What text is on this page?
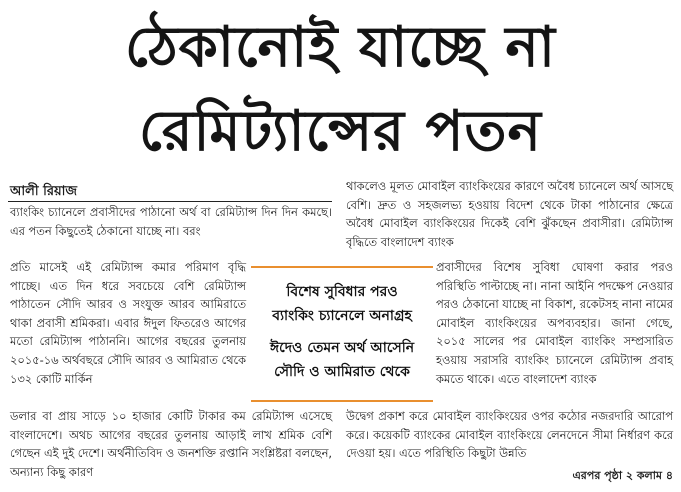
ঠেকানোই যাচ্ছে না
রেমিট্যান্সের পতন
আলী রিয়াজ

ব্যাংকিং চ্যানেলে প্রবাসীদের পাঠানো অর্থ বা রেমিট্যান্স দিন দিন কমছে। এর পতন কিছুতেই ঠেকানো যাচ্ছে না। বরং

প্রতি মাসেই এই রেমিট্যান্স কমার পরিমাণ বৃদ্ধি পাচ্ছে। এত দিন ধরে সবচেয়ে বেশি রেমিট্যান্স পাঠাতেন সৌদি আরব ও সংযুক্ত আরব আমিরাতে থাকা প্রবাসী শ্রমিকরা। এবার ঈদুল ফিতরেও আগের মতো রেমিট্যান্স পাঠাননি। আগের বছরের তুলনায় ২০১৫-১৬ অর্থবছরে সৌদি আরব ও আমিরাত থেকে ১৩২ কোটি মার্কিন

ডলার বা প্রায় সাড়ে ১০ হাজার কোটি টাকার কম রেমিট্যান্স এসেছে বাংলাদেশে। অথচ আগের বছরের তুলনায় আড়াই লাখ শ্রমিক বেশি গেছেন এই দুই দেশে। অর্থনীতিবিদ ও জনশক্তি রপ্তানি সংশ্লিষ্টরা বলছেন, অন্যান্য কিছু কারণ

থাকলেও মূলত মোবাইল ব্যাংকিংয়ের কারণে অবৈধ চ্যানেলে অর্থ আসছে বেশি। দ্রুত ও সহজলভ্য হওয়ায় বিদেশ থেকে টাকা পাঠানোর ক্ষেত্রে অবৈধ মোবাইল ব্যাংকিংয়ের দিকেই বেশি ঝুঁকছেন প্রবাসীরা। রেমিট্যান্স বৃদ্ধিতে বাংলাদেশ ব্যাংক

প্রবাসীদের বিশেষ সুবিধা ঘোষণা করার পরও পরিস্থিতি পাল্টাচ্ছে না। নানা আইনি পদক্ষেপ নেওয়ার পরও ঠেকানো যাচ্ছে না বিকাশ, রকেটসহ নানা নামের মোবাইল ব্যাংকিংয়ের অপব্যবহার। জানা গেছে, ২০১৫ সালের পর মোবাইল ব্যাংকিং সম্প্রসারিত হওয়ায় সরাসরি ব্যাংকিং চ্যানেলে রেমিট্যান্স প্রবাহ কমতে থাকে। এতে বাংলাদেশ ব্যাংক

উদ্বেগ প্রকাশ করে মোবাইল ব্যাংকিংয়ের ওপর কঠোর নজরদারি আরোপ করে। কয়েকটি ব্যাংকের মোবাইল ব্যাংকিংয়ে লেনদেনে সীমা নির্ধারণ করে দেওয়া হয়। এতে পরিস্থিতি কিছুটা উন্নতি

বিশেষ সুবিধার পরও
ব্যাংকিং চ্যানেলে অনাগ্রহ
ঈদেও তেমন অর্থ আসেনি
সৌদি ও আমিরাত থেকে
এরপর পৃষ্ঠা ২ কলাম ৪
